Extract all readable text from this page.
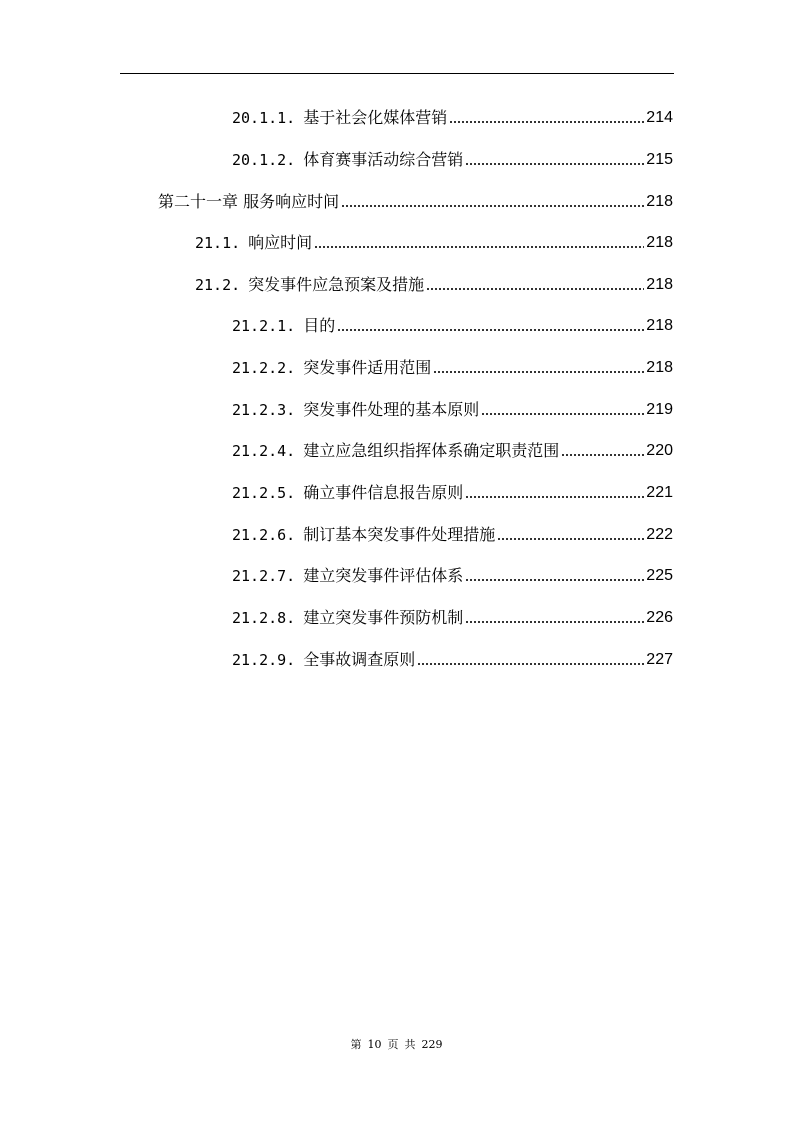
20.1.1. 基于社会化媒体营销	214
20.1.2. 体育赛事活动综合营销	215
第二十一章 服务响应时间	218
21.1. 响应时间	218
21.2. 突发事件应急预案及措施	218
21.2.1. 目的	218
21.2.2. 突发事件适用范围	218
21.2.3. 突发事件处理的基本原则	219
21.2.4. 建立应急组织指挥体系确定职责范围	220
21.2.5. 确立事件信息报告原则	221
21.2.6. 制订基本突发事件处理措施	222
21.2.7. 建立突发事件评估体系	225
21.2.8. 建立突发事件预防机制	226
21.2.9. 全事故调查原则	227
第 10 页 共 229
